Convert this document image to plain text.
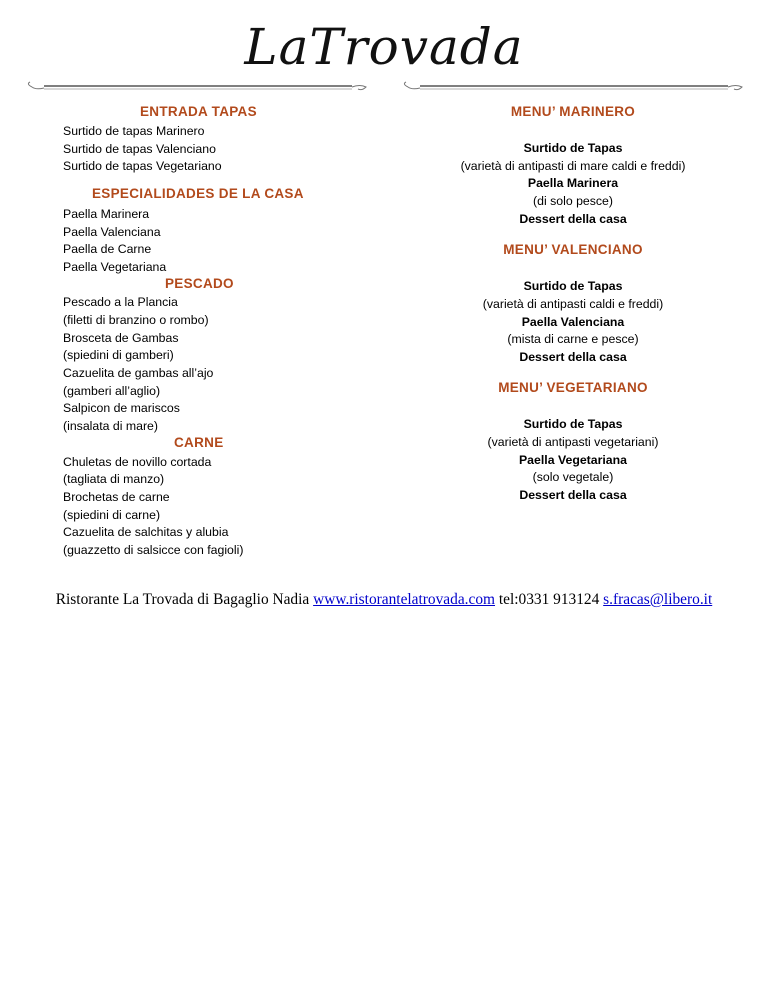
LaTrovada
ENTRADA TAPAS
Surtido de tapas Marinero
Surtido de tapas Valenciano
Surtido de tapas Vegetariano
ESPECIALIDADES DE LA CASA
Paella Marinera
Paella Valenciana
Paella de Carne
Paella Vegetariana
PESCADO
Pescado a la Plancia
(filetti di branzino o rombo)
Brosceta de Gambas
(spiedini di gamberi)
Cazuelita de gambas all’ajo
(gamberi all’aglio)
Salpicon de mariscos
(insalata di mare)
CARNE
Chuletas de novillo cortada
(tagliata di manzo)
Brochetas de carne
(spiedini di carne)
Cazuelita de salchitas y alubia
(guazzetto di salsicce con fagioli)
MENU’ MARINERO
Surtido de Tapas
(varietà di antipasti di mare caldi e freddi)
Paella Marinera
(di solo pesce)
Dessert della casa
MENU’ VALENCIANO
Surtido de Tapas
(varietà di antipasti caldi e freddi)
Paella Valenciana
(mista di carne e pesce)
Dessert della casa
MENU’ VEGETARIANO
Surtido de Tapas
(varietà di antipasti vegetariani)
Paella Vegetariana
(solo vegetale)
Dessert della casa
Ristorante La Trovada di Bagaglio Nadia www.ristorantelatrovada.com tel:0331 913124 s.fracas@libero.it
